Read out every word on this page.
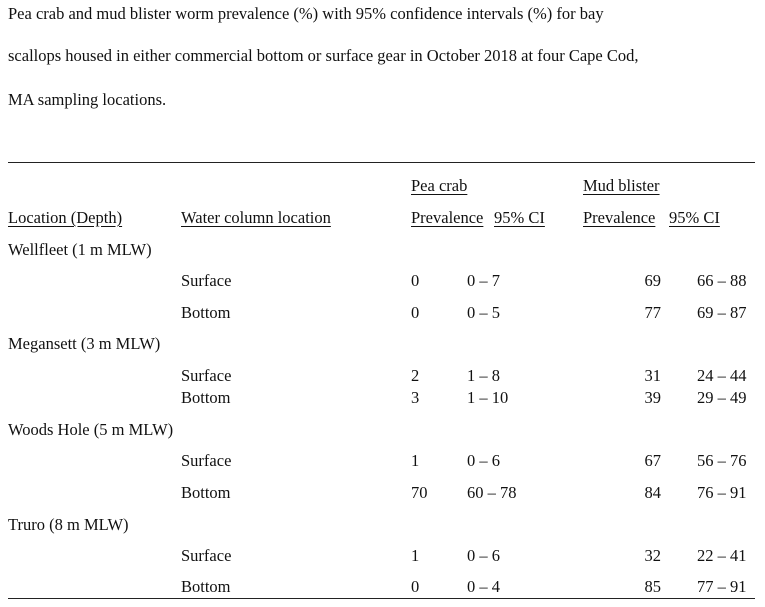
Pea crab and mud blister worm prevalence (%) with 95% confidence intervals (%) for bay
scallops housed in either commercial bottom or surface gear in October 2018 at four Cape Cod,
MA sampling locations.
Pea crab	Mud blister
Location (Depth)	Water column location	Prevalence 95% CI Prevalence 95% CI
Wellfleet (1 m MLW)
Surface	0	0 – 7	69 66 – 88
Bottom	0	0 – 5	77 69 – 87
Megansett (3 m MLW)
Surface	2	1 – 8	31 24 – 44
Bottom	3	1 – 10	39 29 – 49
Woods Hole (5 m MLW)
Surface	1	0 – 6	67 56 – 76
Bottom	70 60 – 78	84 76 – 91
Truro (8 m MLW)
Surface	1	0 – 6	32 22 – 41
Bottom	0	0 – 4	85 77 – 91
